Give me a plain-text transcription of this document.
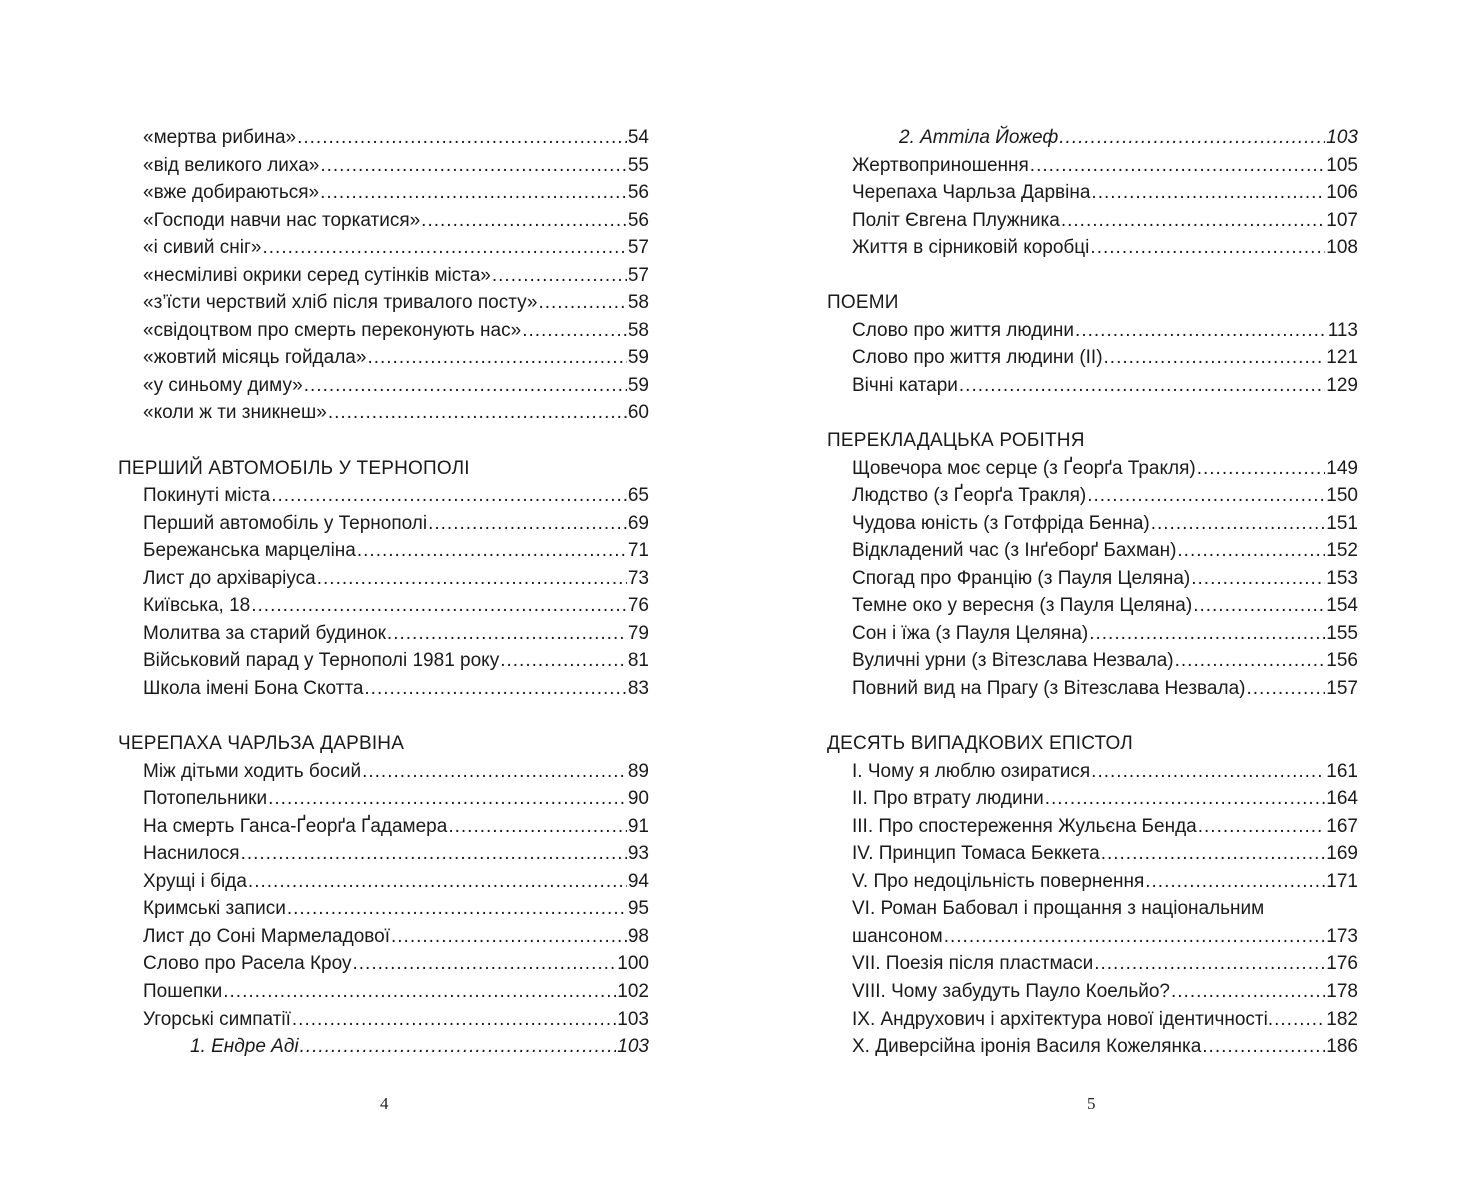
«мертва рибина» .....	54
«від великого лиха» .....	55
«вже добираються» .....	56
«Господи навчи нас торкатися» .....	56
«і сивий сніг» .....	57
«несміливі окрики серед сутінків міста» .....	57
«з’їсти черствий хліб після тривалого посту» .....	58
«свідоцтвом про смерть переконують нас» .....	58
«жовтий місяць гойдала» .....	59
«у синьому диму» .....	59
«коли ж ти зникнеш» .....	60
ПЕРШИЙ АВТОМОБІЛЬ У ТЕРНОПОЛІ
Покинуті міста .....	65
Перший автомобіль у Тернополі .....	69
Бережанська марцеліна .....	71
Лист до архіваріуса .....	73
Київська, 18 .....	76
Молитва за старий будинок .....	79
Військовий парад у Тернополі 1981 року .....	81
Школа імені Бона Скотта .....	83
ЧЕРЕПАХА ЧАРЛЬЗА ДАРВІНА
Між дітьми ходить босий .....	89
Потопельники .....	90
На смерть Ганса-Ґеорґа Ґадамера .....	91
Наснилося .....	93
Хрущі і біда .....	94
Кримські записи .....	95
Лист до Соні Мармеладової .....	98
Слово про Расела Кроу .....	100
Пошепки .....	102
Угорські симпатії .....	103
1. Ендре Аді .....	103
2. Аттіла Йожеф .....	103
Жертвоприношення .....	105
Черепаха Чарльза Дарвіна .....	106
Політ Євгена Плужника .....	107
Життя в сірниковій коробці .....	108
ПОЕМИ
Слово про життя людини .....	113
Слово про життя людини (ІІ) .....	121
Вічні катари .....	129
ПЕРЕКЛАДАЦЬКА РОБІТНЯ
Щовечора моє серце (з Ґеорґа Тракля) .....	149
Людство (з Ґеорґа Тракля) .....	150
Чудова юність (з Готфріда Бенна) .....	151
Відкладений час (з Інґеборґ Бахман) .....	152
Спогад про Францію (з Пауля Целяна) .....	153
Темне око у вересня (з Пауля Целяна) .....	154
Сон і їжа (з Пауля Целяна) .....	155
Вуличні урни (з Вітезслава Незвала) .....	156
Повний вид на Прагу (з Вітезслава Незвала) .....	157
ДЕСЯТЬ ВИПАДКОВИХ ЕПІСТОЛ
І. Чому я люблю озиратися .....	161
ІІ. Про втрату людини .....	164
ІІІ. Про спостереження Жульєна Бенда .....	167
IV. Принцип Томаса Беккета .....	169
V. Про недоцільність повернення .....	171
VI. Роман Бабовал і прощання з національним
шансоном .....	173
VII. Поезія після пластмаси .....	176
VIII. Чому забудуть Пауло Коельйо? .....	178
IX. Андрухович і архітектура нової ідентичності. .....	182
X. Диверсійна іронія Василя Кожелянка .....	186
4	5
